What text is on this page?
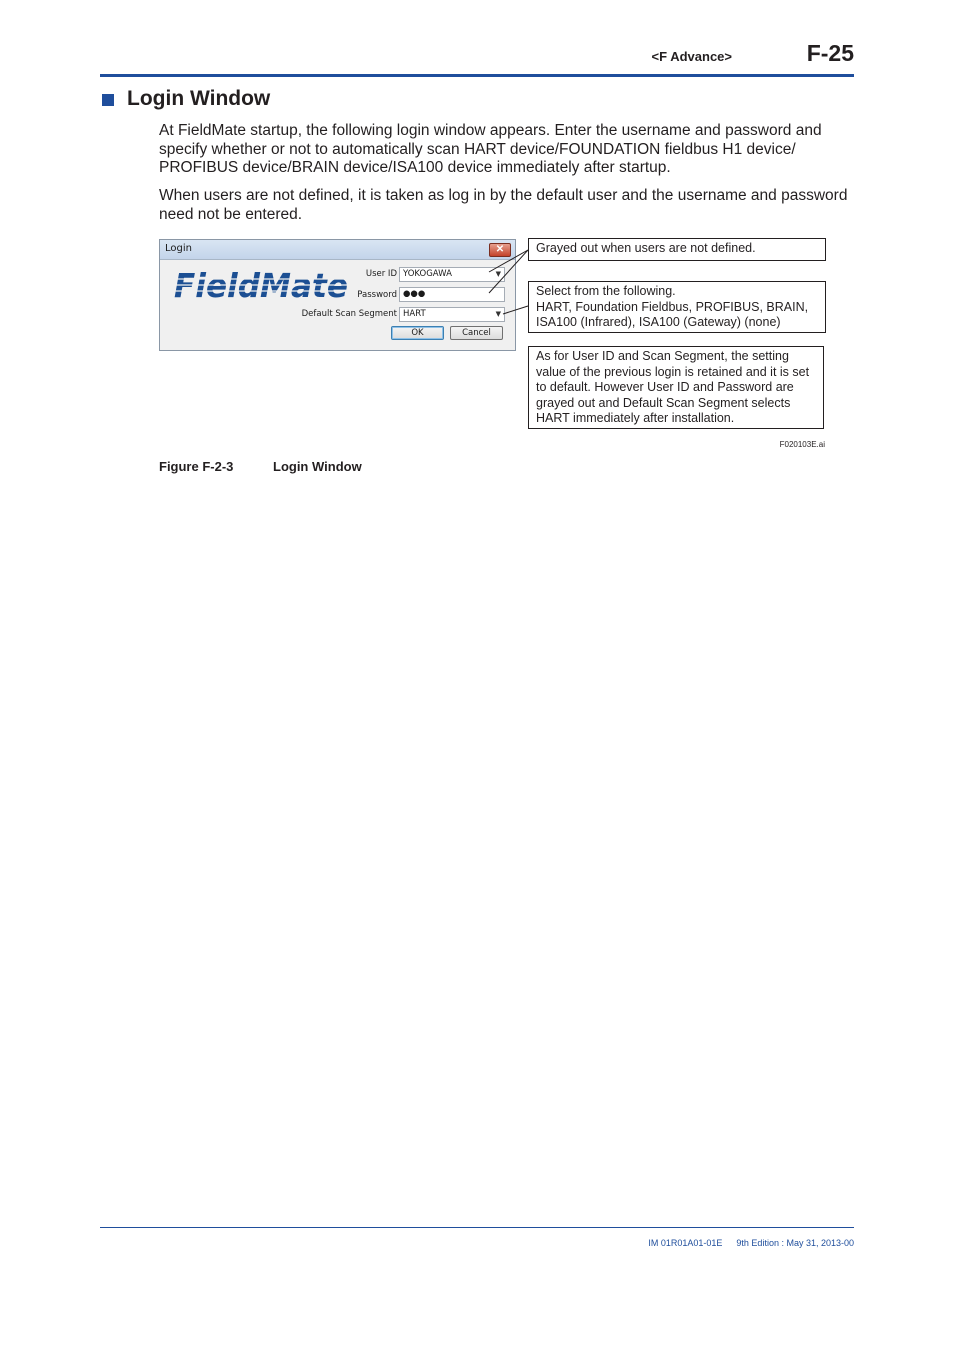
<F Advance>	F-25
Login Window
At FieldMate startup, the following login window appears. Enter the username and password and specify whether or not to automatically scan HART device/FOUNDATION fieldbus H1 device/ PROFIBUS device/BRAIN device/ISA100 device immediately after startup.
When users are not defined, it is taken as log in by the default user and the username and password need not be entered.
Login	✕
FieldMate	User ID YOKOGAWA	▼
Password ●●●
Default Scan Segment HART	▼
OK	Cancel
Grayed out when users are not defined.
Select from the following.
HART, Foundation Fieldbus, PROFIBUS, BRAIN, ISA100 (Infrared), ISA100 (Gateway) (none)
As for User ID and Scan Segment, the setting value of the previous login is retained and it is set to default. However User ID and Password are grayed out and Default Scan Segment selects HART immediately after installation.
F020103E.ai
Figure F-2-3	Login Window
IM 01R01A01-01E 9th Edition : May 31, 2013-00
